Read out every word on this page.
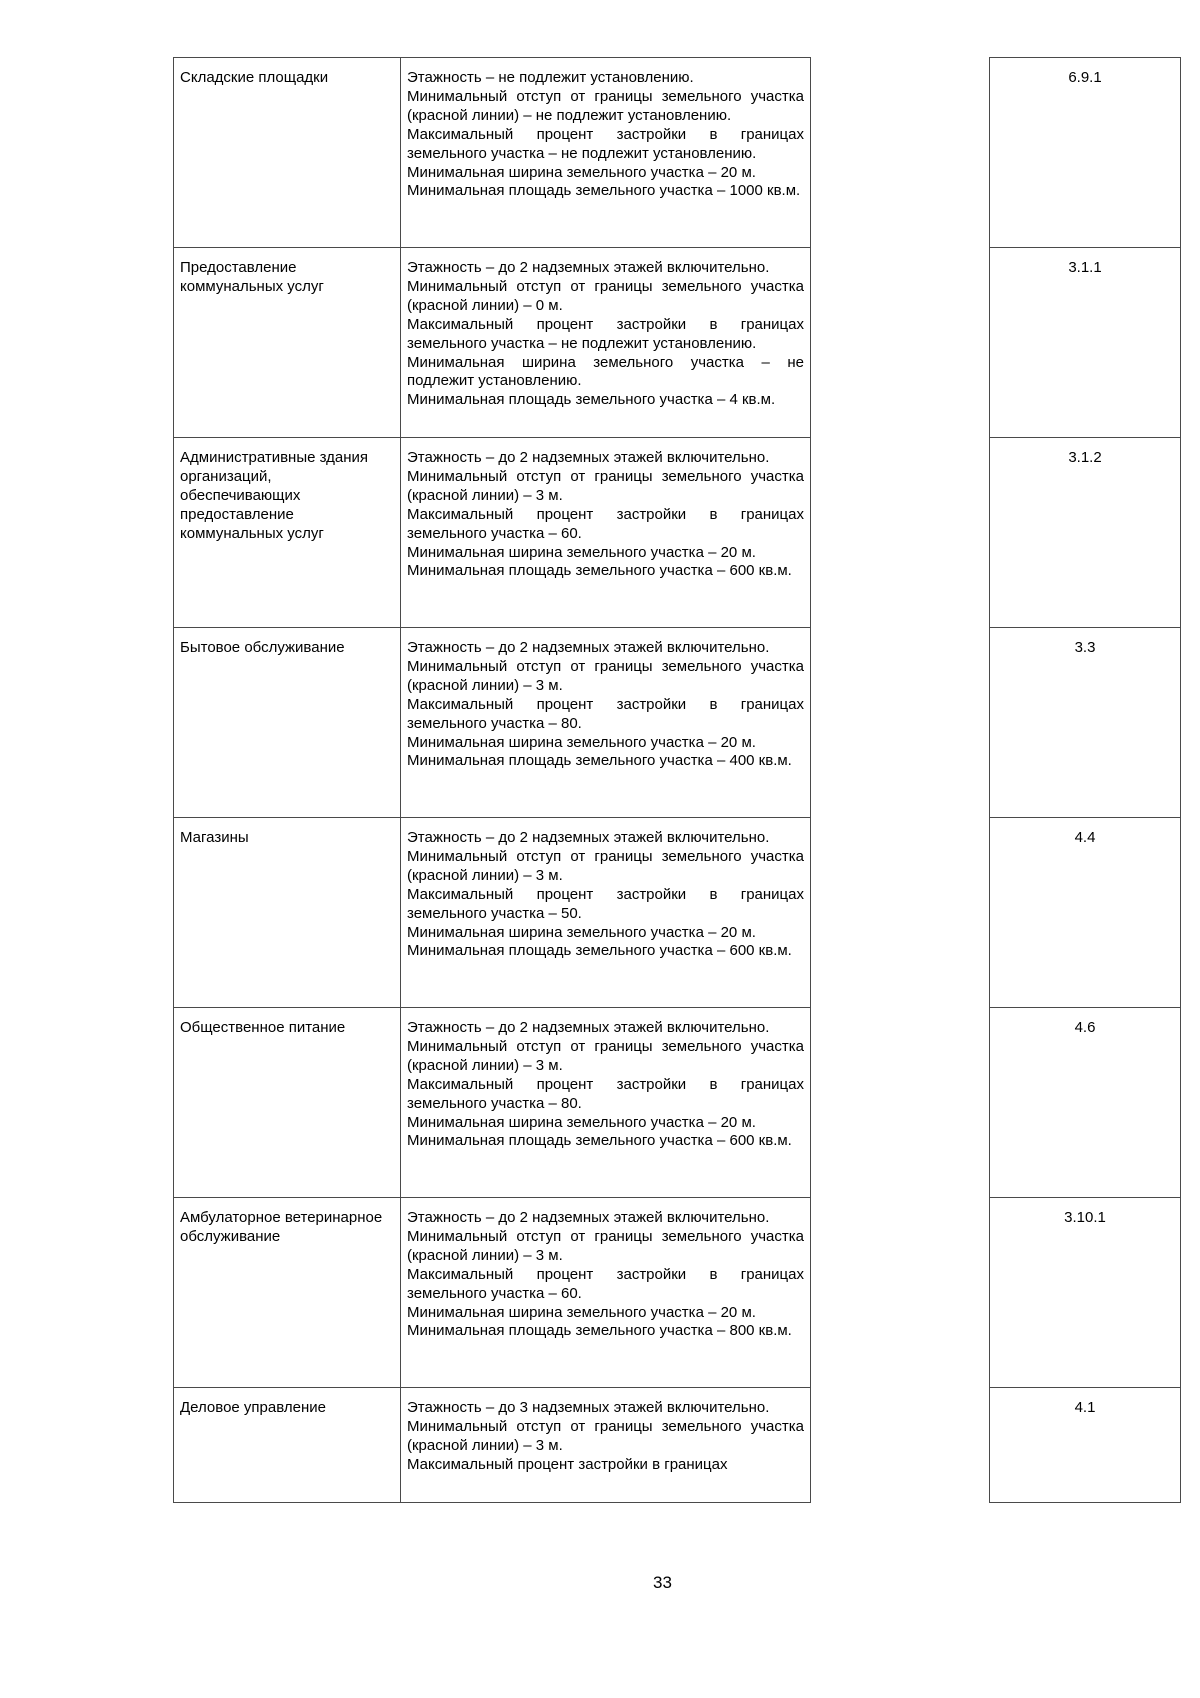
Складские площадки	Этажность – не подлежит установлению.
Минимальный отступ от границы земельного участка (красной линии) – не подлежит установлению.
Максимальный процент застройки в границах земельного участка – не подлежит установлению.
Минимальная ширина земельного участка – 20 м.
Минимальная площадь земельного участка – 1000 кв.м.		6.9.1

Предоставление коммунальных услуг	Этажность – до 2 надземных этажей включительно.
Минимальный отступ от границы земельного участка (красной линии) – 0 м.
Максимальный процент застройки в границах земельного участка – не подлежит установлению.
Минимальная ширина земельного участка – не подлежит установлению.
Минимальная площадь земельного участка – 4 кв.м.		3.1.1

Административные здания организаций, обеспечивающих предоставление коммунальных услуг	Этажность – до 2 надземных этажей включительно.
Минимальный отступ от границы земельного участка (красной линии) – 3 м.
Максимальный процент застройки в границах земельного участка – 60.
Минимальная ширина земельного участка – 20 м.
Минимальная площадь земельного участка – 600 кв.м.		3.1.2

Бытовое обслуживание	Этажность – до 2 надземных этажей включительно.
Минимальный отступ от границы земельного участка (красной линии) – 3 м.
Максимальный процент застройки в границах земельного участка – 80.
Минимальная ширина земельного участка – 20 м.
Минимальная площадь земельного участка – 400 кв.м.		3.3

Магазины	Этажность – до 2 надземных этажей включительно.
Минимальный отступ от границы земельного участка (красной линии) – 3 м.
Максимальный процент застройки в границах земельного участка – 50.
Минимальная ширина земельного участка – 20 м.
Минимальная площадь земельного участка – 600 кв.м.		4.4

Общественное питание	Этажность – до 2 надземных этажей включительно.
Минимальный отступ от границы земельного участка (красной линии) – 3 м.
Максимальный процент застройки в границах земельного участка – 80.
Минимальная ширина земельного участка – 20 м.
Минимальная площадь земельного участка – 600 кв.м.		4.6

Амбулаторное ветеринарное обслуживание	Этажность – до 2 надземных этажей включительно.
Минимальный отступ от границы земельного участка (красной линии) – 3 м.
Максимальный процент застройки в границах земельного участка – 60.
Минимальная ширина земельного участка – 20 м.
Минимальная площадь земельного участка – 800 кв.м.		3.10.1

Деловое управление	Этажность – до 3 надземных этажей включительно.
Минимальный отступ от границы земельного участка (красной линии) – 3 м.
Максимальный процент застройки в границах		4.1
33
